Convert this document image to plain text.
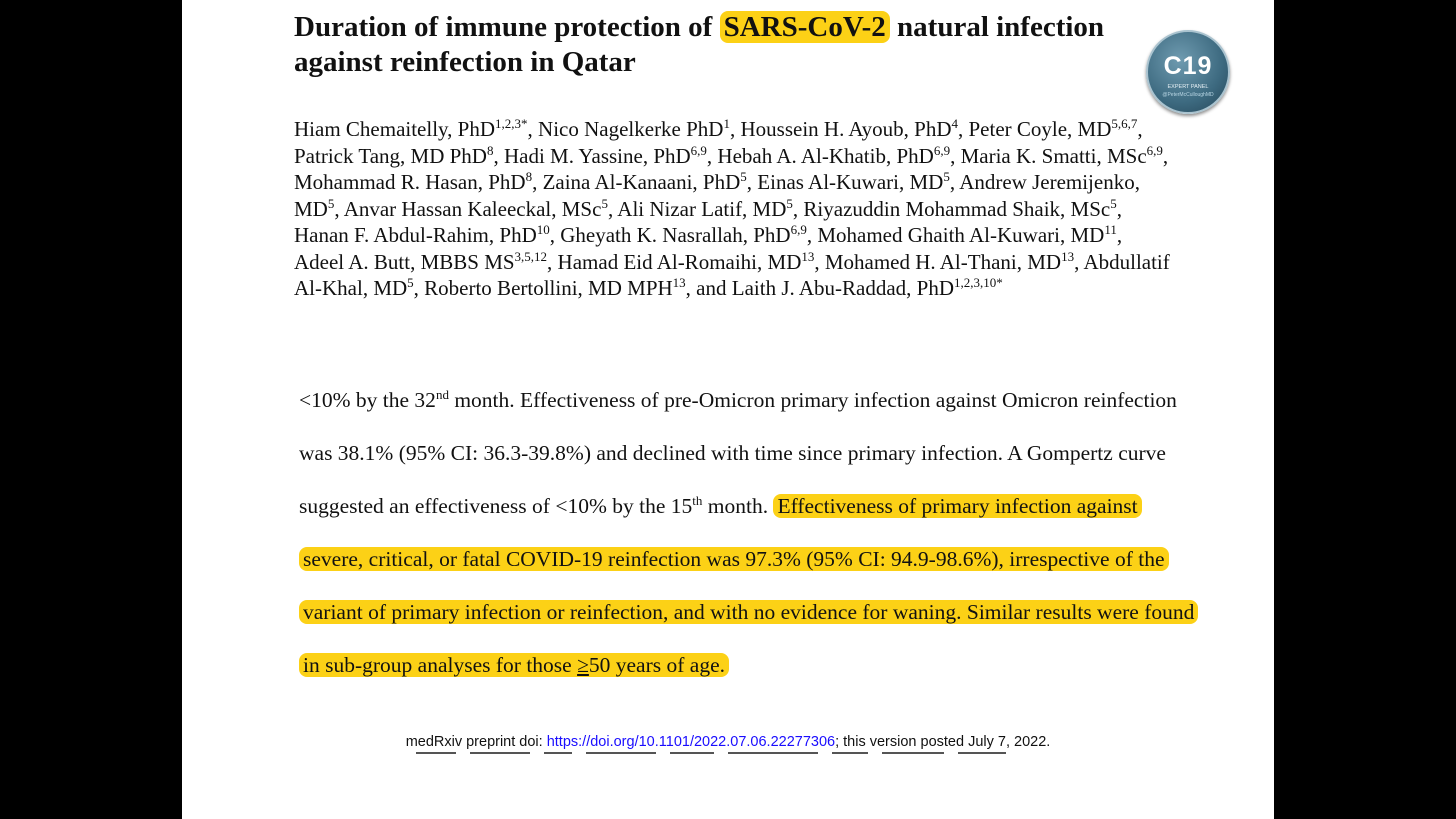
Duration of immune protection of SARS-CoV-2 natural infection against reinfection in Qatar	C19
EXPERT PANEL
@PeterMcCulloughMD
Hiam Chemaitelly, PhD$^{1,2,3*}$, Nico Nagelkerke PhD$^1$, Houssein H. Ayoub, PhD$^4$, Peter Coyle, MD$^{5,6,7}$, Patrick Tang, MD PhD$^8$, Hadi M. Yassine, PhD$^{6,9}$, Hebah A. Al-Khatib, PhD$^{6,9}$, Maria K. Smatti, MSc$^{6,9}$, Mohammad R. Hasan, PhD$^8$, Zaina Al-Kanaani, PhD$^5$, Einas Al-Kuwari, $MD^5$, Andrew Jeremijenko, $MD^5$, Anvar Hassan Kaleeckal, MSc$^5$, Ali Nizar Latif, $MD^5$, Riyazuddin Mohammad Shaik, MSc$^5$, Hanan F. Abdul-Rahim, PhD$^{10}$, Gheyath K. Nasrallah, PhD$^{6,9}$, Mohamed Ghaith Al-Kuwari, MD$^{11}$, Adeel A. Butt, MBBS MS$^{3,5,12}$, Hamad Eid Al-Romaihi, MD$^{13}$, Mohamed H. Al-Thani, MD$^{13}$, Abdullatif Al-Khal, $MD^5$, Roberto Bertollini, MD MPH$^{13}$, and Laith J. Abu-Raddad, PhD$^{1,2,3,10*}$
<10% by the 32nd month. Effectiveness of pre-Omicron primary infection against Omicron reinfection was 38.1% (95% CI: 36.3-39.8%) and declined with time since primary infection. A Gompertz curve suggested an effectiveness of <10% by the 15th month. Effectiveness of primary infection against severe, critical, or fatal COVID-19 reinfection was 97.3% (95% CI: 94.9-98.6%), irrespective of the variant of primary infection or reinfection, and with no evidence for waning. Similar results were found in sub-group analyses for those ≥50 years of age.
medRxiv preprint doi: https://doi.org/10.1101/2022.07.06.22277306; this version posted July 7, 2022.
